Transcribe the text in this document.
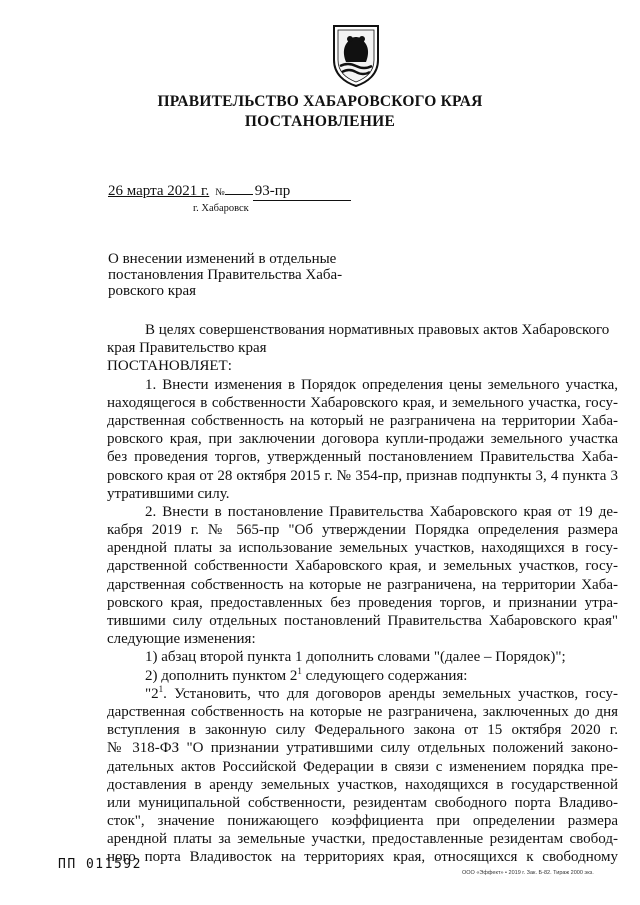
ПРАВИТЕЛЬСТВО ХАБАРОВСКОГО КРАЯ
ПОСТАНОВЛЕНИЕ
26 марта 2021 г. № 93-пр
г. Хабаровск
О внесении изменений в отдельные
постановления Правительства Хаба-
ровского края
В целях совершенствования нормативных правовых актов Хабаровского
края Правительство края
ПОСТАНОВЛЯЕТ:
1. Внести изменения в Порядок определения цены земельного участка,
находящегося в собственности Хабаровского края, и земельного участка, госу-
дарственная собственность на который не разграничена на территории Хаба-
ровского края, при заключении договора купли-продажи земельного участка
без проведения торгов, утвержденный постановлением Правительства Хаба-
ровского края от 28 октября 2015 г. № 354-пр, признав подпункты 3, 4 пункта 3
утратившими силу.
2. Внести в постановление Правительства Хабаровского края от 19 де-
кабря 2019 г. № 565-пр "Об утверждении Порядка определения размера
арендной платы за использование земельных участков, находящихся в госу-
дарственной собственности Хабаровского края, и земельных участков, госу-
дарственная собственность на которые не разграничена, на территории Хаба-
ровского края, предоставленных без проведения торгов, и признании утра-
тившими силу отдельных постановлений Правительства Хабаровского края"
следующие изменения:
1) абзац второй пункта 1 дополнить словами "(далее – Порядок)";
2) дополнить пунктом $2^1$ следующего содержания:
"$2^1$. Установить, что для договоров аренды земельных участков, госу-
дарственная собственность на которые не разграничена, заключенных до дня
вступления в законную силу Федерального закона от 15 октября 2020 г.
№ 318-ФЗ "О признании утратившими силу отдельных положений законо-
дательных актов Российской Федерации в связи с изменением порядка пре-
доставления в аренду земельных участков, находящихся в государственной
или муниципальной собственности, резидентам свободного порта Владиво-
сток", значение понижающего коэффициента при определении размера
арендной платы за земельные участки, предоставленные резидентам свобод-
ного порта Владивосток на территориях края, относящихся к свободному
ПП 011592
ООО «Эффект» • 2019 г. Зак. Б-82. Тираж 2000 экз.
